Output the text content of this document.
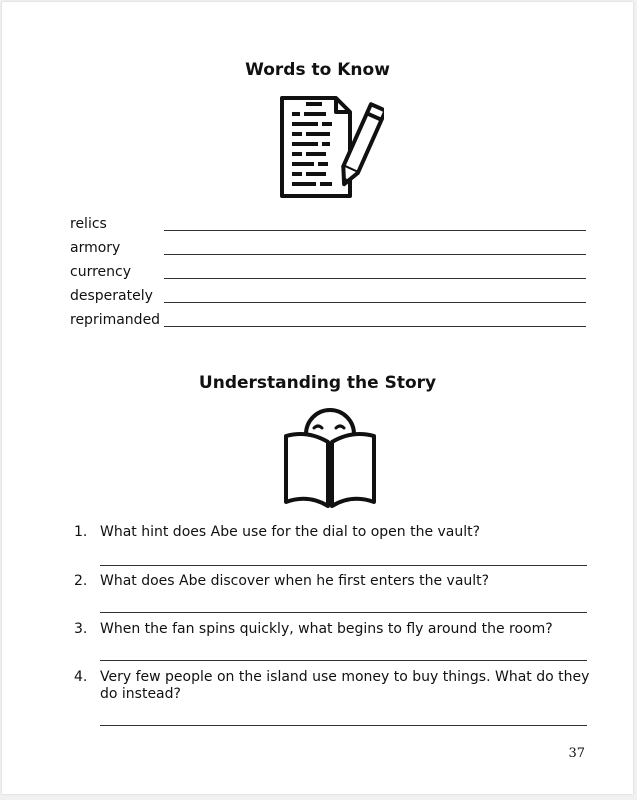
Words to Know
relics
armory
currency
desperately
reprimanded
Understanding the Story
1. What hint does Abe use for the dial to open the vault?
2. What does Abe discover when he first enters the vault?
3. When the fan spins quickly, what begins to fly around the room?
4. Very few people on the island use money to buy things. What do they do instead?
37
